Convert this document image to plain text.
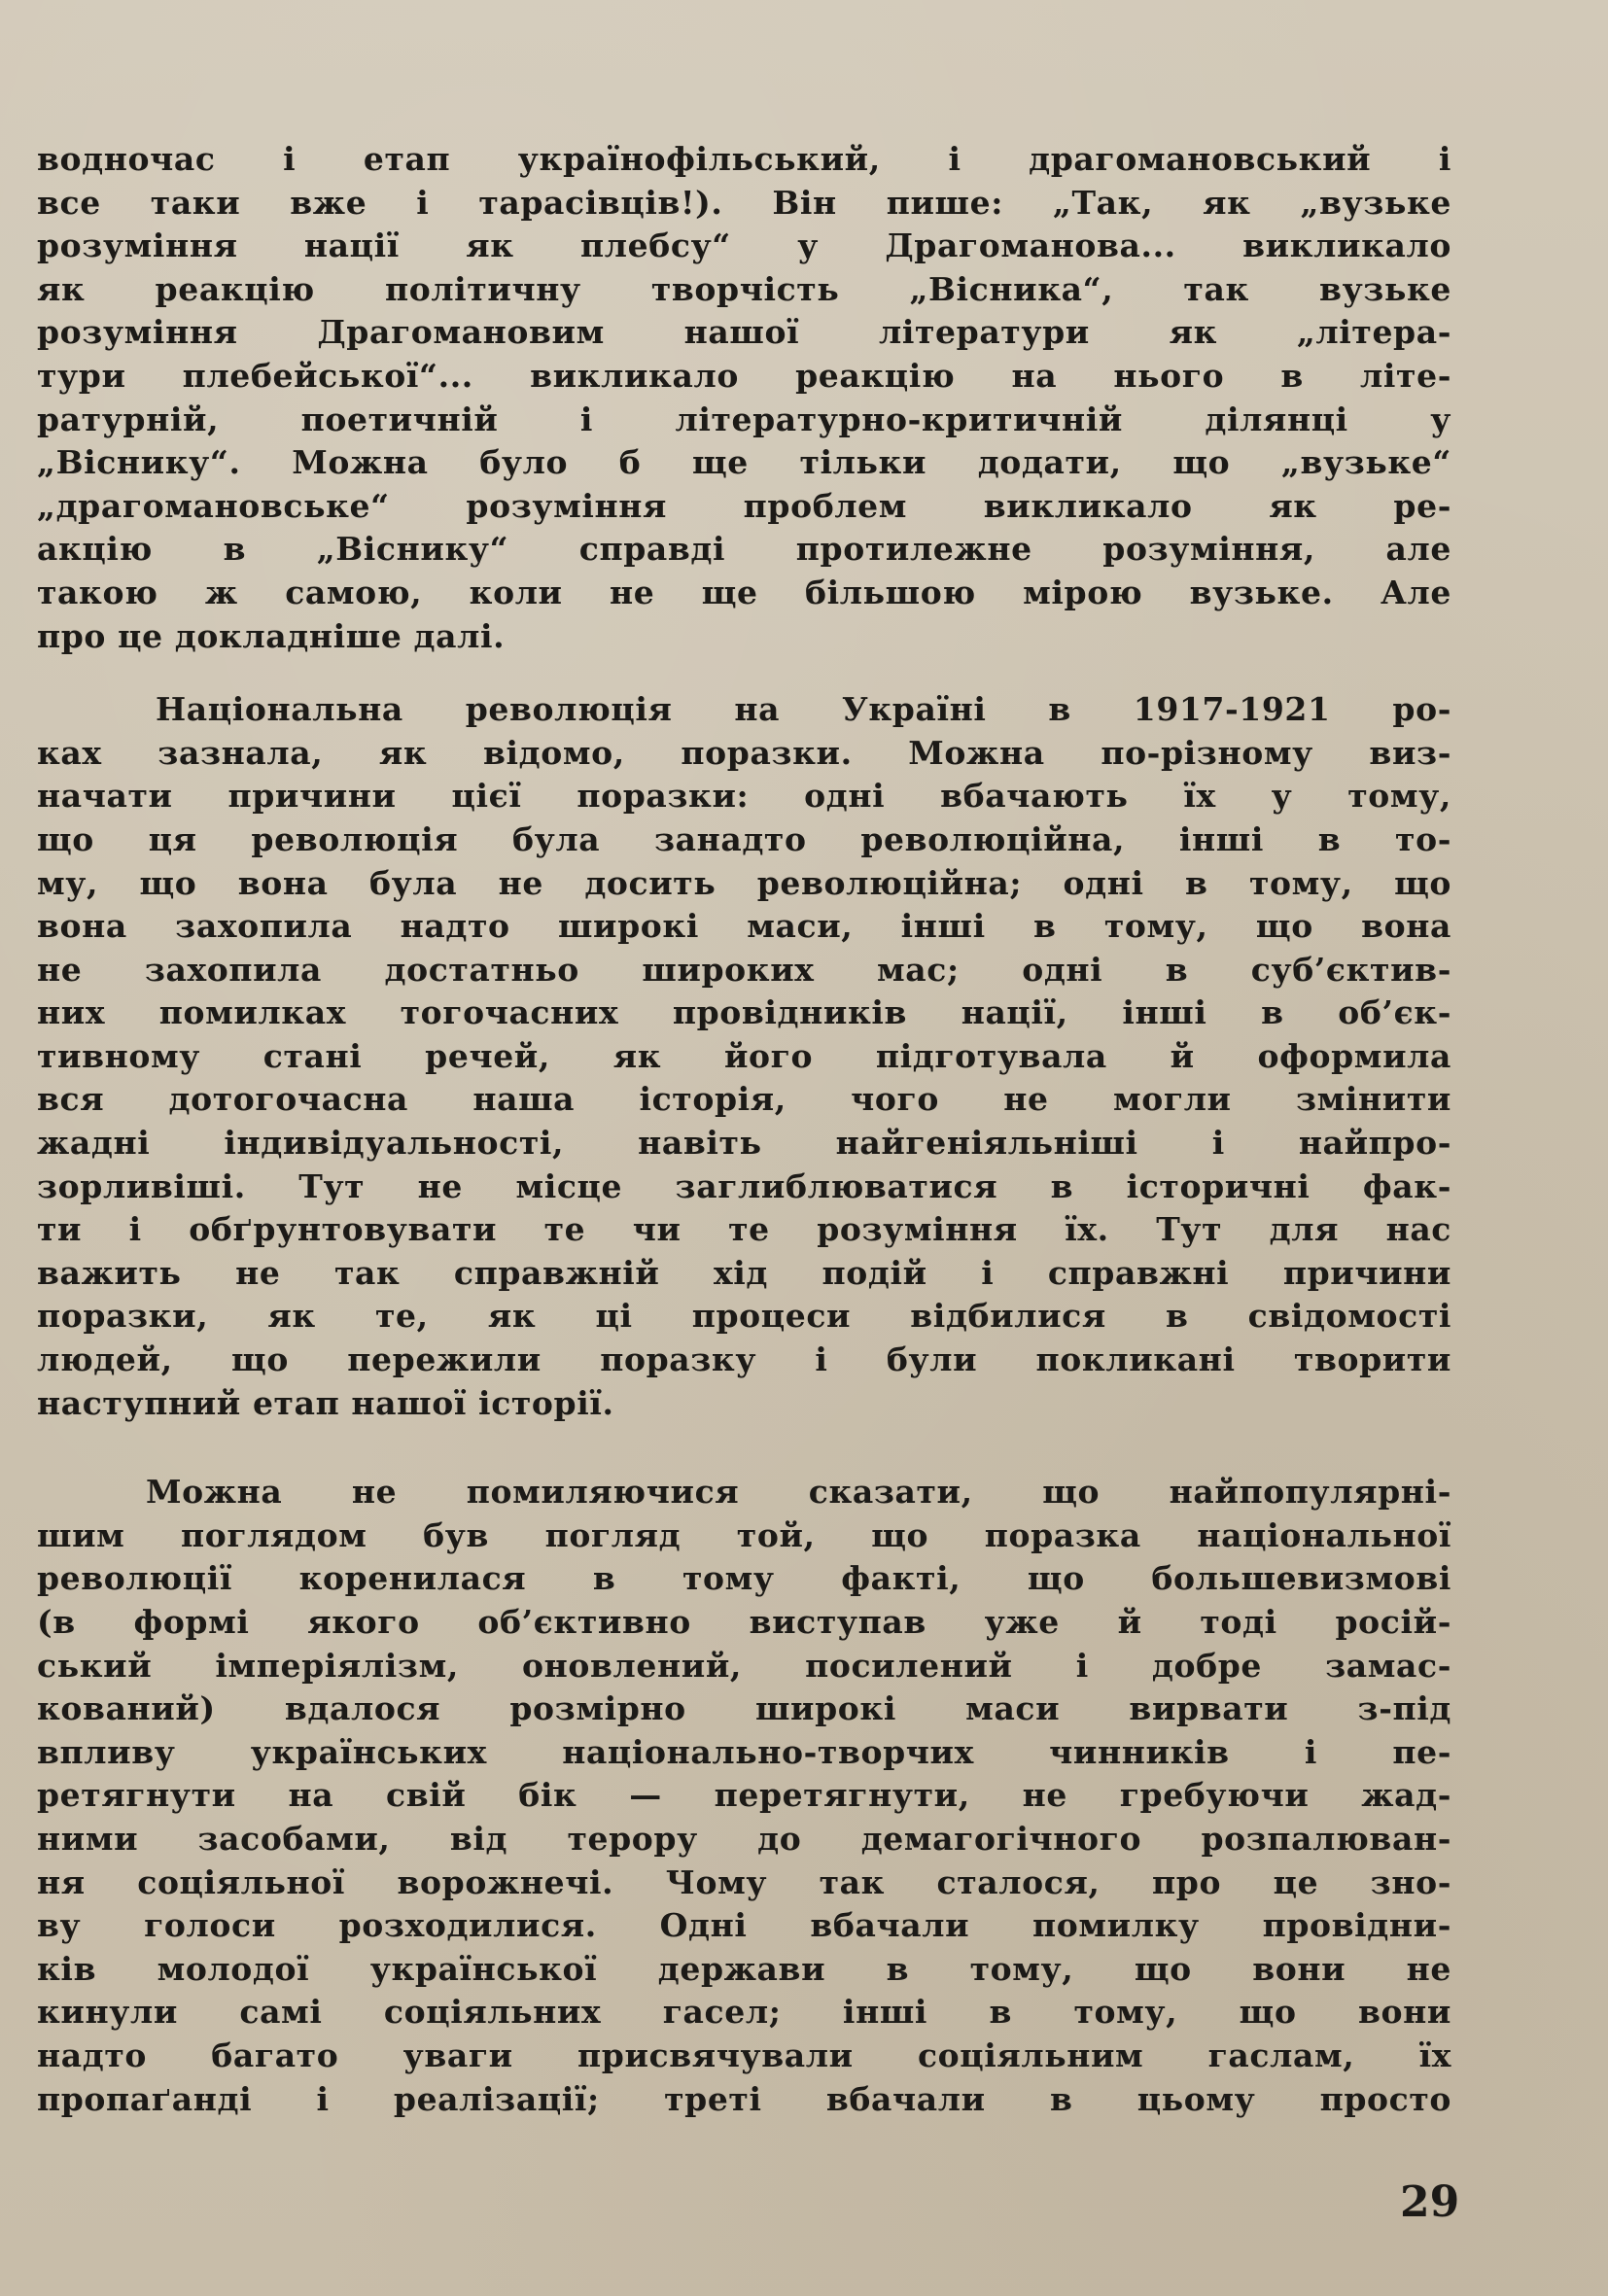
водночас і етап українофільський, і драгомановський і
все таки вже і тарасівців!). Він пише: „Так, як „вузьке
розуміння нації як плебсу“ у Драгоманова... викликало
як реакцію політичну творчість „Вісника“, так вузьке
розуміння Драгомановим нашої літератури як „літера-
тури плебейської“... викликало реакцію на нього в літе-
ратурній, поетичній і літературно-критичній ділянці у
„Віснику“. Можна було б ще тільки додати, що „вузьке“
„драгомановське“ розуміння проблем викликало як ре-
акцію в „Віснику“ справді протилежне розуміння, але
такою ж самою, коли не ще більшою мірою вузьке. Але
про це докладніше далі.
Національна революція на Україні в 1917-1921 ро-
ках зазнала, як відомо, поразки. Можна по-різному виз-
начати причини цієї поразки: одні вбачають їх у тому,
що ця революція була занадто революційна, інші в то-
му, що вона була не досить революційна; одні в тому, що
вона захопила надто широкі маси, інші в тому, що вона
не захопила достатньо широких мас; одні в суб’єктив-
них помилках тогочасних провідників нації, інші в об’єк-
тивному стані речей, як його підготувала й оформила
вся дотогочасна наша історія, чого не могли змінити
жадні індивідуальності, навіть найгеніяльніші і найпро-
зорливіші. Тут не місце заглиблюватися в історичні фак-
ти і обґрунтовувати те чи те розуміння їх. Тут для нас
важить не так справжній хід подій і справжні причини
поразки, як те, як ці процеси відбилися в свідомості
людей, що пережили поразку і були покликані творити
наступний етап нашої історії.
Можна не помиляючися сказати, що найпопулярні-
шим поглядом був погляд той, що поразка національної
революції коренилася в тому факті, що большевизмові
(в формі якого об’єктивно виступав уже й тоді росій-
ський імперіялізм, оновлений, посилений і добре замас-
кований) вдалося розмірно широкі маси вирвати з-під
впливу українських національно-творчих чинників і пе-
ретягнути на свій бік — перетягнути, не гребуючи жад-
ними засобами, від терору до демагогічного розпалюван-
ня соціяльної ворожнечі. Чому так сталося, про це зно-
ву голоси розходилися. Одні вбачали помилку провідни-
ків молодої української держави в тому, що вони не
кинули самі соціяльних гасел; інші в тому, що вони
надто багато уваги присвячували соціяльним гаслам, їх
пропаґанді і реалізації; треті вбачали в цьому просто
29
